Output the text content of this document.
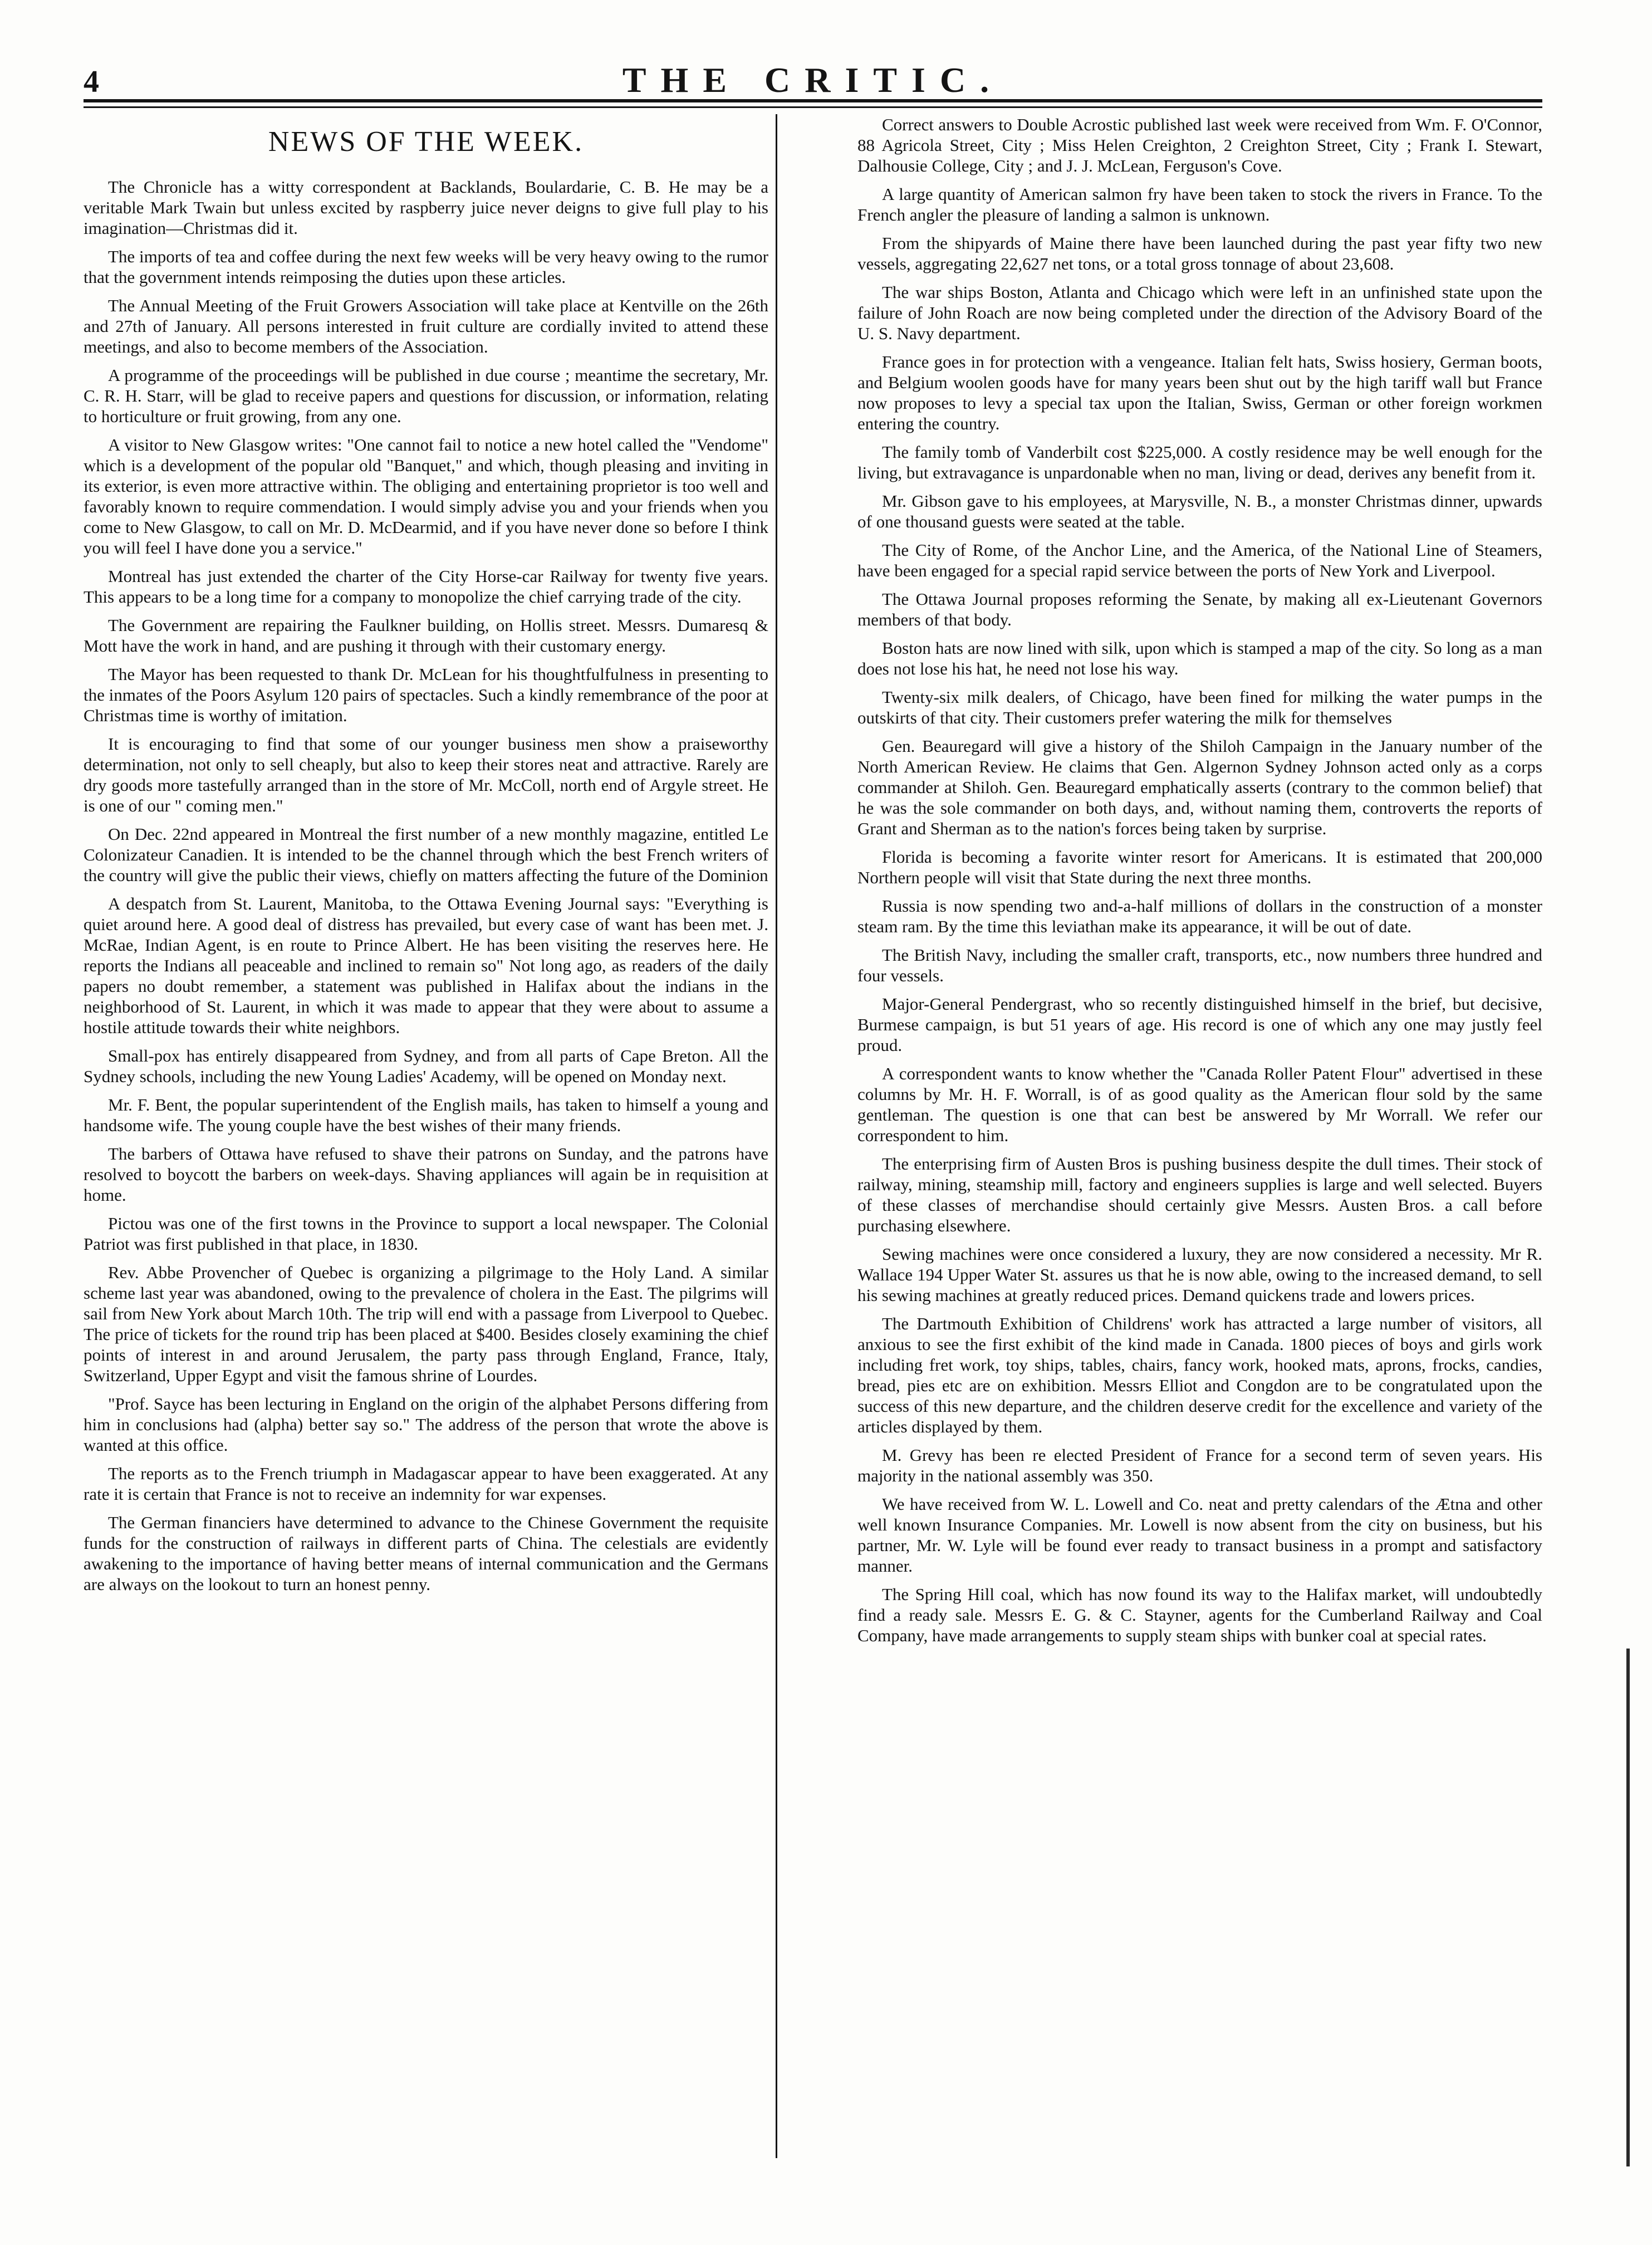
4	THE CRITIC.
NEWS OF THE WEEK.

The Chronicle has a witty correspondent at Backlands, Boulardarie, C. B. He may be a veritable Mark Twain but unless excited by raspberry juice never deigns to give full play to his imagination—Christmas did it.

The imports of tea and coffee during the next few weeks will be very heavy owing to the rumor that the government intends reimposing the duties upon these articles.

The Annual Meeting of the Fruit Growers Association will take place at Kentville on the 26th and 27th of January. All persons interested in fruit culture are cordially invited to attend these meetings, and also to become members of the Association.

A programme of the proceedings will be published in due course ; meantime the secretary, Mr. C. R. H. Starr, will be glad to receive papers and questions for discussion, or information, relating to horticulture or fruit growing, from any one.

A visitor to New Glasgow writes: "One cannot fail to notice a new hotel called the "Vendome" which is a development of the popular old "Banquet," and which, though pleasing and inviting in its exterior, is even more attractive within. The obliging and entertaining proprietor is too well and favorably known to require commendation. I would simply advise you and your friends when you come to New Glasgow, to call on Mr. D. McDearmid, and if you have never done so before I think you will feel I have done you a service."

Montreal has just extended the charter of the City Horse-car Railway for twenty five years. This appears to be a long time for a company to monopolize the chief carrying trade of the city.

The Government are repairing the Faulkner building, on Hollis street. Messrs. Dumaresq & Mott have the work in hand, and are pushing it through with their customary energy.

The Mayor has been requested to thank Dr. McLean for his thoughtfulfulness in presenting to the inmates of the Poors Asylum 120 pairs of spectacles. Such a kindly remembrance of the poor at Christmas time is worthy of imitation.

It is encouraging to find that some of our younger business men show a praiseworthy determination, not only to sell cheaply, but also to keep their stores neat and attractive. Rarely are dry goods more tastefully arranged than in the store of Mr. McColl, north end of Argyle street. He is one of our " coming men."

On Dec. 22nd appeared in Montreal the first number of a new monthly magazine, entitled Le Colonizateur Canadien. It is intended to be the channel through which the best French writers of the country will give the public their views, chiefly on matters affecting the future of the Dominion

A despatch from St. Laurent, Manitoba, to the Ottawa Evening Journal says: "Everything is quiet around here. A good deal of distress has prevailed, but every case of want has been met. J. McRae, Indian Agent, is en route to Prince Albert. He has been visiting the reserves here. He reports the Indians all peaceable and inclined to remain so" Not long ago, as readers of the daily papers no doubt remember, a statement was published in Halifax about the indians in the neighborhood of St. Laurent, in which it was made to appear that they were about to assume a hostile attitude towards their white neighbors.

Small-pox has entirely disappeared from Sydney, and from all parts of Cape Breton. All the Sydney schools, including the new Young Ladies' Academy, will be opened on Monday next.

Mr. F. Bent, the popular superintendent of the English mails, has taken to himself a young and handsome wife. The young couple have the best wishes of their many friends.

The barbers of Ottawa have refused to shave their patrons on Sunday, and the patrons have resolved to boycott the barbers on week-days. Shaving appliances will again be in requisition at home.

Pictou was one of the first towns in the Province to support a local newspaper. The Colonial Patriot was first published in that place, in 1830.

Rev. Abbe Provencher of Quebec is organizing a pilgrimage to the Holy Land. A similar scheme last year was abandoned, owing to the prevalence of cholera in the East. The pilgrims will sail from New York about March 10th. The trip will end with a passage from Liverpool to Quebec. The price of tickets for the round trip has been placed at $400. Besides closely examining the chief points of interest in and around Jerusalem, the party pass through England, France, Italy, Switzerland, Upper Egypt and visit the famous shrine of Lourdes.

"Prof. Sayce has been lecturing in England on the origin of the alphabet Persons differing from him in conclusions had (alpha) better say so." The address of the person that wrote the above is wanted at this office.

The reports as to the French triumph in Madagascar appear to have been exaggerated. At any rate it is certain that France is not to receive an indemnity for war expenses.

The German financiers have determined to advance to the Chinese Government the requisite funds for the construction of railways in different parts of China. The celestials are evidently awakening to the importance of having better means of internal communication and the Germans are always on the lookout to turn an honest penny.

Correct answers to Double Acrostic published last week were received from Wm. F. O'Connor, 88 Agricola Street, City ; Miss Helen Creighton, 2 Creighton Street, City ; Frank I. Stewart, Dalhousie College, City ; and J. J. McLean, Ferguson's Cove.

A large quantity of American salmon fry have been taken to stock the rivers in France. To the French angler the pleasure of landing a salmon is unknown.

From the shipyards of Maine there have been launched during the past year fifty two new vessels, aggregating 22,627 net tons, or a total gross tonnage of about 23,608.

The war ships Boston, Atlanta and Chicago which were left in an unfinished state upon the failure of John Roach are now being completed under the direction of the Advisory Board of the U. S. Navy department.

France goes in for protection with a vengeance. Italian felt hats, Swiss hosiery, German boots, and Belgium woolen goods have for many years been shut out by the high tariff wall but France now proposes to levy a special tax upon the Italian, Swiss, German or other foreign workmen entering the country.

The family tomb of Vanderbilt cost $225,000. A costly residence may be well enough for the living, but extravagance is unpardonable when no man, living or dead, derives any benefit from it.

Mr. Gibson gave to his employees, at Marysville, N. B., a monster Christmas dinner, upwards of one thousand guests were seated at the table.

The City of Rome, of the Anchor Line, and the America, of the National Line of Steamers, have been engaged for a special rapid service between the ports of New York and Liverpool.

The Ottawa Journal proposes reforming the Senate, by making all ex-Lieutenant Governors members of that body.

Boston hats are now lined with silk, upon which is stamped a map of the city. So long as a man does not lose his hat, he need not lose his way.

Twenty-six milk dealers, of Chicago, have been fined for milking the water pumps in the outskirts of that city. Their customers prefer watering the milk for themselves

Gen. Beauregard will give a history of the Shiloh Campaign in the January number of the North American Review. He claims that Gen. Algernon Sydney Johnson acted only as a corps commander at Shiloh. Gen. Beauregard emphatically asserts (contrary to the common belief) that he was the sole commander on both days, and, without naming them, controverts the reports of Grant and Sherman as to the nation's forces being taken by surprise.

Florida is becoming a favorite winter resort for Americans. It is estimated that 200,000 Northern people will visit that State during the next three months.

Russia is now spending two and-a-half millions of dollars in the construction of a monster steam ram. By the time this leviathan make its appearance, it will be out of date.

The British Navy, including the smaller craft, transports, etc., now numbers three hundred and four vessels.

Major-General Pendergrast, who so recently distinguished himself in the brief, but decisive, Burmese campaign, is but 51 years of age. His record is one of which any one may justly feel proud.

A correspondent wants to know whether the "Canada Roller Patent Flour" advertised in these columns by Mr. H. F. Worrall, is of as good quality as the American flour sold by the same gentleman. The question is one that can best be answered by Mr Worrall. We refer our correspondent to him.

The enterprising firm of Austen Bros is pushing business despite the dull times. Their stock of railway, mining, steamship mill, factory and engineers supplies is large and well selected. Buyers of these classes of merchandise should certainly give Messrs. Austen Bros. a call before purchasing elsewhere.

Sewing machines were once considered a luxury, they are now considered a necessity. Mr R. Wallace 194 Upper Water St. assures us that he is now able, owing to the increased demand, to sell his sewing machines at greatly reduced prices. Demand quickens trade and lowers prices.

The Dartmouth Exhibition of Childrens' work has attracted a large number of visitors, all anxious to see the first exhibit of the kind made in Canada. 1800 pieces of boys and girls work including fret work, toy ships, tables, chairs, fancy work, hooked mats, aprons, frocks, candies, bread, pies etc are on exhibition. Messrs Elliot and Congdon are to be congratulated upon the success of this new departure, and the children deserve credit for the excellence and variety of the articles displayed by them.

M. Grevy has been re elected President of France for a second term of seven years. His majority in the national assembly was 350.

We have received from W. L. Lowell and Co. neat and pretty calendars of the Ætna and other well known Insurance Companies. Mr. Lowell is now absent from the city on business, but his partner, Mr. W. Lyle will be found ever ready to transact business in a prompt and satisfactory manner.

The Spring Hill coal, which has now found its way to the Halifax market, will undoubtedly find a ready sale. Messrs E. G. & C. Stayner, agents for the Cumberland Railway and Coal Company, have made arrangements to supply steam ships with bunker coal at special rates.
